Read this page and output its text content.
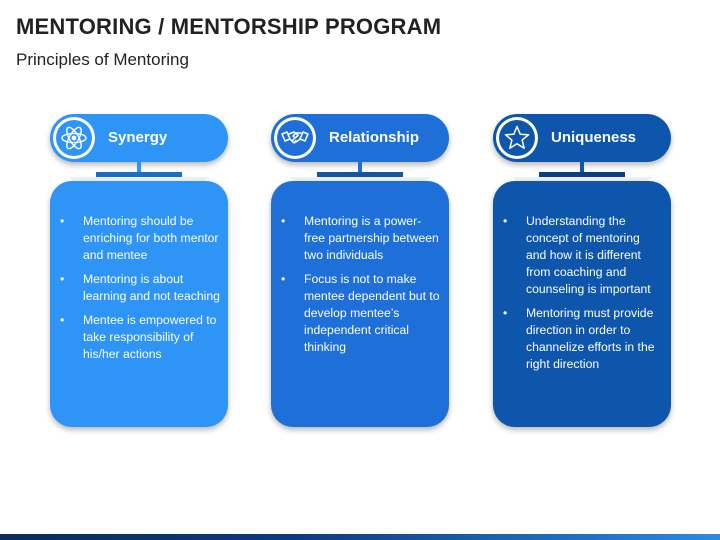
MENTORING / MENTORSHIP PROGRAM
Principles of Mentoring
Synergy
• Mentoring should be enriching for both mentor and mentee
• Mentoring is about learning and not teaching
• Mentee is empowered to take responsibility of his/her actions
Relationship
• Mentoring is a power-free partnership between two individuals
• Focus is not to make mentee dependent but to develop mentee’s independent critical thinking
Uniqueness
• Understanding the concept of mentoring and how it is different from coaching and counseling is important
• Mentoring must provide direction in order to channelize efforts in the right direction
